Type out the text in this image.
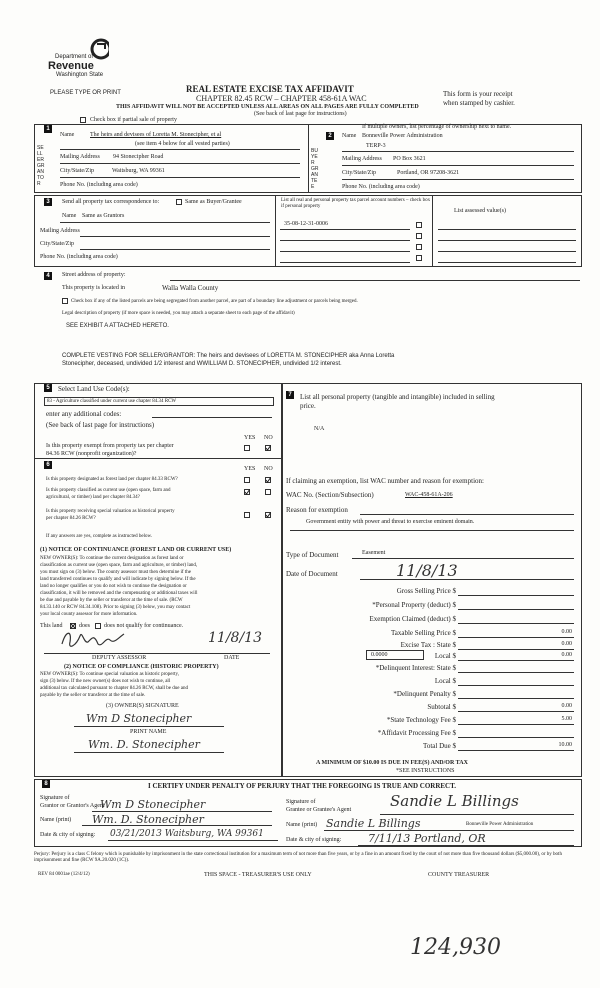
Department of
Revenue
Washington State
PLEASE TYPE OR PRINT	REAL ESTATE EXCISE TAX AFFIDAVIT
CHAPTER 82.45 RCW – CHAPTER 458-61A WAC
THIS AFFIDAVIT WILL NOT BE ACCEPTED UNLESS ALL AREAS ON ALL PAGES ARE FULLY COMPLETED
(See back of last page for instructions)
This form is your receipt
when stamped by cashier.
Check box if partial sale of property
If multiple owners, list percentage of ownership next to name.
1
2
SELLER GRANTOR
BUYER GRANTEE
Name	The heirs and devisees of Loretta M. Stonecipher, et al
(see item 4 below for all vested parties)
Mailing Address 94 Stonecipher Road
City/State/Zip	Waitsburg, WA 99361
Phone No. (including area code)
Name Bonneville Power Administration
TERP-3
Mailing Address PO Box 3621
City/State/Zip	Portland, OR 97208-3621
Phone No. (including area code)
3	Send all property tax correspondence to:	Same as Buyer/Grantee
Name Same as Grantors
Mailing Address
City/State/Zip
Phone No. (including area code)
List all real and personal property tax parcel account numbers – check box if personal property
List assessed value(s)
35-08-12-31-0006
4	Street address of property:
This property is located in	Walla Walla County
Check box if any of the listed parcels are being segregated from another parcel, are part of a boundary line adjustment or parcels being merged.
Legal description of property (if more space is needed, you may attach a separate sheet to each page of the affidavit)
SEE EXHIBIT A ATTACHED HERETO.
COMPLETE VESTING FOR SELLER/GRANTOR: The heirs and devisees of LORETTA M. STONECIPHER aka Anna Loretta
Stonecipher, deceased, undivided 1/2 interest and WWILLIAM D. STONECIPHER, undivided 1/2 interest.
5	Select Land Use Code(s):
83 - Agriculture classified under current use chapter 84.34 RCW
enter any additional codes:
(See back of last page for instructions)
YES NO
Is this property exempt from property tax per chapter
84.36 RCW (nonprofit organization)?
6
YES NO
Is this property designated as forest land per chapter 84.33 RCW?
Is this property classified as current use (open space, farm and
agricultural, or timber) land per chapter 84.34?
Is this property receiving special valuation as historical property
per chapter 84.26 RCW?
If any answers are yes, complete as instructed below.
(1) NOTICE OF CONTINUANCE (FOREST LAND OR CURRENT USE)
NEW OWNER(S): To continue the current designation as forest land or
classification as current use (open space, farm and agriculture, or timber) land,
you must sign on (3) below. The county assessor must then determine if the
land transferred continues to qualify and will indicate by signing below. If the
land no longer qualifies or you do not wish to continue the designation or
classification, it will be removed and the compensating or additional taxes will
be due and payable by the seller or transferor at the time of sale. (RCW
84.33.140 or RCW 84.34.108). Prior to signing (3) below, you may contact
your local county assessor for more information.
This land	does does not qualify for continuance.
11/8/13
DEPUTY ASSESSOR	DATE
(2) NOTICE OF COMPLIANCE (HISTORIC PROPERTY)
NEW OWNER(S): To continue special valuation as historic property,
sign (3) below. If the new owner(s) does not wish to continue, all
additional tax calculated pursuant to chapter 84.26 RCW, shall be due and
payable by the seller or transferor at the time of sale.
(3) OWNER(S) SIGNATURE
Wm D Stonecipher
PRINT NAME
Wm. D. Stonecipher
7	List all personal property (tangible and intangible) included in selling
price.
N/A
If claiming an exemption, list WAC number and reason for exemption:
WAC No. (Section/Subsection)	WAC-458-61A-206
Reason for exemption
Government entity with power and threat to exercise eminent domain.
Type of Document	Easement
Date of Document	11/8/13
Gross Selling Price $
*Personal Property (deduct) $
Exemption Claimed (deduct) $
Taxable Selling Price $	0.00
Excise Tax : State $	0.00
0.0000	Local $	0.00
*Delinquent Interest: State $
Local $
*Delinquent Penalty $
Subtotal $	0.00
*State Technology Fee $	5.00
*Affidavit Processing Fee $
Total Due $	10.00
A MINIMUM OF $10.00 IS DUE IN FEE(S) AND/OR TAX
*SEE INSTRUCTIONS
8	I CERTIFY UNDER PENALTY OF PERJURY THAT THE FOREGOING IS TRUE AND CORRECT.
Signature of
Grantor or Grantor's Agent
Wm D Stonecipher
Name (print) Wm. D. Stonecipher
Date & city of signing: 03/21/2013 Waitsburg, WA 99361
Signature of
Grantee or Grantee's Agent	Sandie L Billings
Name (print) Sandie L Billings	Bonneville Power Administration
Date & city of signing: 7/11/13 Portland, OR
Perjury: Perjury is a class C felony which is punishable by imprisonment in the state correctional institution for a maximum term of not more than five years, or by a fine in an amount fixed by the court of not more than five thousand dollars ($5,000.00), or by both imprisonment and fine (RCW 9A.20.020 (1C)).
REV 84 0001ae (12/4/12)	THIS SPACE - TREASURER'S USE ONLY	COUNTY TREASURER
124,930
